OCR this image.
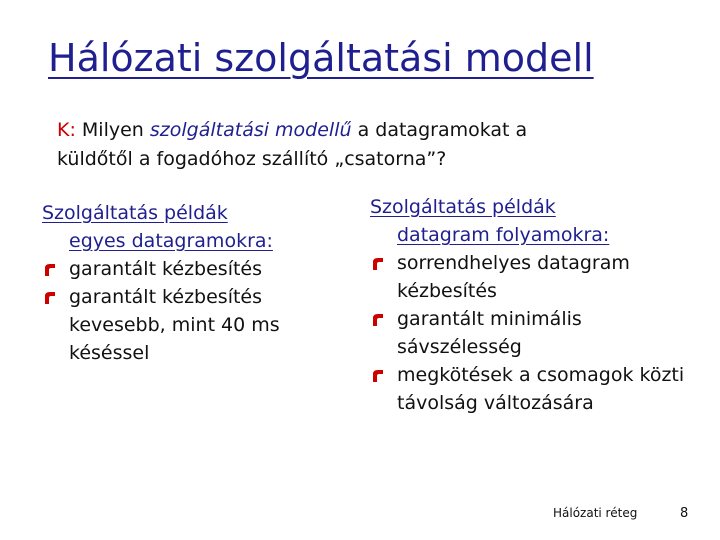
Hálózati szolgáltatási modell
K: Milyen szolgáltatási modellű a datagramokat a
küldőtől a fogadóhoz szállító „csatorna”?
Szolgáltatás példák
egyes datagramokra:
garantált kézbesítés
garantált kézbesítés kevesebb, mint 40 ms késéssel
Szolgáltatás példák
datagram folyamokra:
sorrendhelyes datagram kézbesítés
garantált minimális sávszélesség
megkötések a csomagok közti távolság változására
Hálózati réteg	8
